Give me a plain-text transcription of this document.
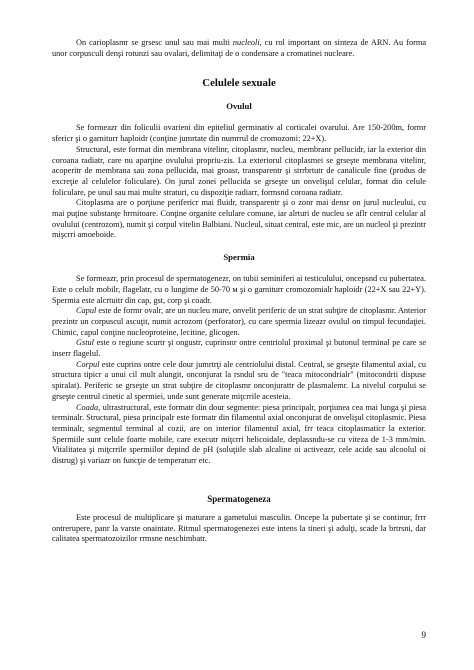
On carioplasmr se grsesc unul sau mai multi nucleoli, cu rol important on sinteza de ARN. Au forma unor corpusculi denşi rotunzi sau ovalari, delimitaţi de o condensare a cromatinei nucleare.

Celulele sexuale
Ovulul

Se formeazr din foliculii ovarieni din epiteliul germinativ al corticalei ovarului. Are 150-200m, formr sfericr şi o garniturr haploidr (conţine jumrtate din numrrul de cromozomi: 22+X).

Structural, este format din membrana vitelinr, citoplasmr, nucleu, membranr pellucidr, iar la exterior din coroana radiatr, care nu aparţine ovulului propriu-zis. La exteriorul citoplasmei se grseşte membrana vitelinr, acoperitr de membrana sau zona pellucida, mai groasr, transparentr şi strrbrtutr de canaliculе fine (produs de excreţie al celulelor foliculare). On jurul zonei pellucida se grseşte un onvelişul celular, format din celule foliculare, pe unul sau mai multe straturi, cu dispoziţie radiarr, formsnd coroana radiatr.

Citoplasma are o porţiune perifericr mai fluidr, transparentr şi o zonr mai densr on jurul nucleului, cu mai puţine substanţe hrrnitoare. Conţine organite celulare comune, iar alrturi de nucleu se aflr centrul celular al ovulului (centrozom), numit şi corpul vitelin Balbiani. Nucleul, situat central, este mic, are un nucleol şi prezintr mişcrri amoeboide.

Spermia

Se formeazr, prin procesul de spermatogenezr, on tubii seminiferi ai testiculului, oncepsnd cu pubertatea. Este o celulr mobilr, flagelatr, cu o lungime de 50-70 м şi o garniturr cromozomialr haploidr (22+X sau 22+Y). Spermia este alcrtuitr din cap, gst, corp şi coadr.

Capul este de formr ovalr, are un nucleu mare, onvelit periferic de un strat subţire de citoplasmr. Anterior prezintr un corpuscul ascuţit, numit acrozom (perforator), cu care spermia lizeazr ovulul on timpul fecundaţiei. Chimic, capul conţine nucleoproteine, lecitine, glicogen.

Gstul este o regiune scurtr şi ongustr, cuprinsnr ontre centriolul proximal şi butonul terminal pe care se inserr flagelul.

Corpul este cuprins ontre cele dour jumrtrţi ale centriolului distal. Central, se grseşte filamentul axial, cu structura tipicr a unui cil mult alungit, onconjurat la rsndul sru de "teaca mitocondrialr" (mitocondrii dispuse spiralat). Periferic se grseşte un strat subţire de citoplasmr onconjurattr de plasmalemr. La nivelul corpului se grseşte centrul cinetic al spermiei, unde sunt generate miţcrrile acesteia.

Coada, ultrastructural, este formatr din dour segmente: piesa principalr, porţiunea cea mai lunga şi piesa terminalr. Structural, piesa principalr este formatr din filamentul axial onconjurat de onvelişul citoplasmic. Piesa terminalr, segmentul terminal al cozii, are on interior filamentul axial, frr teaca citoplasmaticr la exterior. Spermiile sunt celule foarte mobile, care executr miţcrri helicoidale, deplassndu-se cu viteza de 1-3 mm/min. Vitalitatea şi miţcrrile spermiilor depind de pH (soluţiile slab alcaline oi activeazr, cele acide sau alcoolul oi distrug) şi variazr on funcţie de temperaturr etc.

Spermatogeneza

Este procesul de multiplicare şi maturare a gametului masculin. Oncepe la pubertate şi se continur, frrr ontrerupere, panr la varste onaintate. Ritmul spermatogenezei este intens la tineri şi adulţi, scade la brtrsni, dar calitatea spermatozoizilor rrmsne neschimbatr.

9
